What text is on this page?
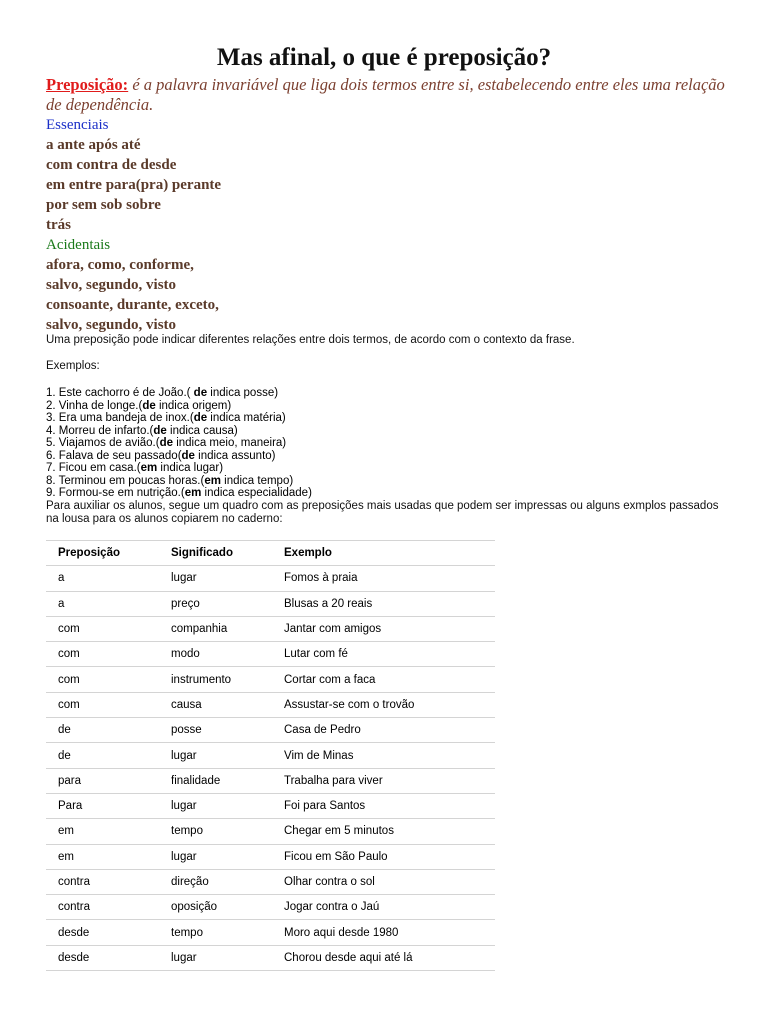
Mas afinal, o que é preposição?
Preposição: é a palavra invariável que liga dois termos entre si, estabelecendo entre eles uma relação de dependência.
Essenciais
a ante após até
com contra de desde
em entre para(pra) perante
por sem sob sobre
trás
Acidentais
afora, como, conforme,
salvo, segundo, visto
consoante, durante, exceto,
salvo, segundo, visto
Uma preposição pode indicar diferentes relações entre dois termos, de acordo com o contexto da frase.
Exemplos:
1. Este cachorro é de João.( de indica posse)
2. Vinha de longe.(de indica origem)
3. Era uma bandeja de inox.(de indica matéria)
4. Morreu de infarto.(de indica causa)
5. Viajamos de avião.(de indica meio, maneira)
6. Falava de seu passado(de indica assunto)
7. Ficou em casa.(em indica lugar)
8. Terminou em poucas horas.(em indica tempo)
9. Formou-se em nutrição.(em indica especialidade)
Para auxiliar os alunos, segue um quadro com as preposições mais usadas que podem ser impressas ou alguns exmplos passados na lousa para os alunos copiarem no caderno:
Preposição	Significado	Exemplo
a	lugar	Fomos à praia
a	preço	Blusas a 20 reais
com	companhia	Jantar com amigos
com	modo	Lutar com fé
com	instrumento	Cortar com a faca
com	causa	Assustar-se com o trovão
de	posse	Casa de Pedro
de	lugar	Vim de Minas
para	finalidade	Trabalha para viver
Para	lugar	Foi para Santos
em	tempo	Chegar em 5 minutos
em	lugar	Ficou em São Paulo
contra	direção	Olhar contra o sol
contra	oposição	Jogar contra o Jaú
desde	tempo	Moro aqui desde 1980
desde	lugar	Chorou desde aqui até lá
